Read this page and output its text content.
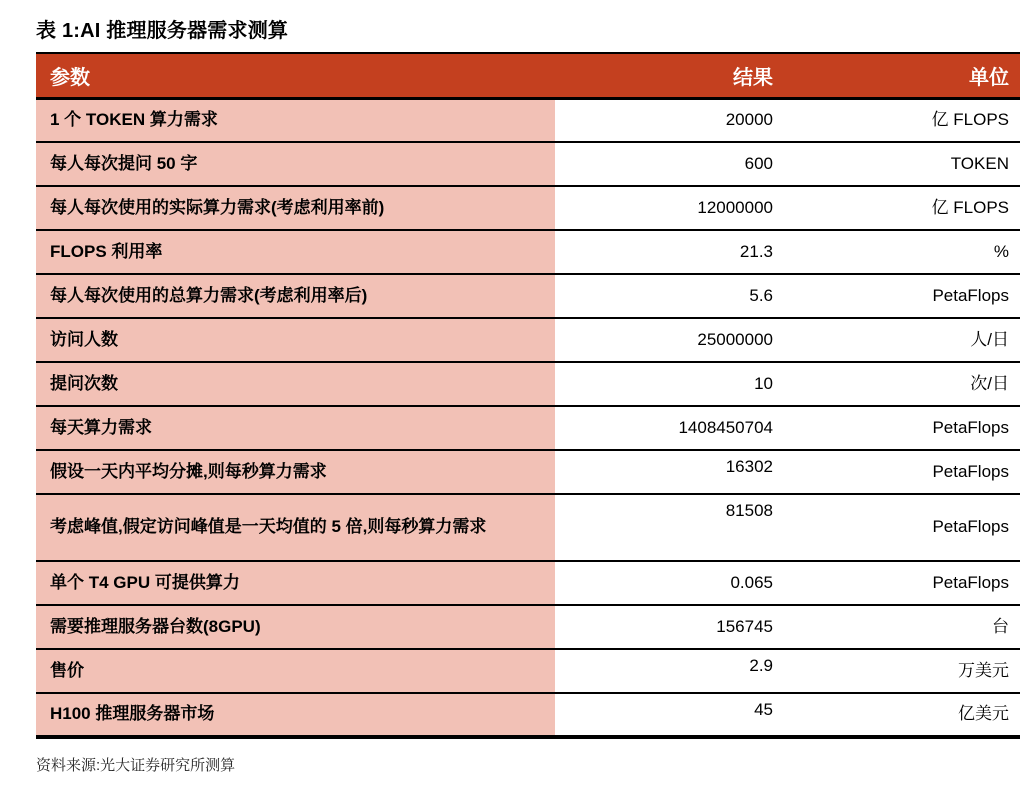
表 1:AI 推理服务器需求测算
参数	结果	单位
1 个 TOKEN 算力需求	20000	亿 FLOPS
每人每次提问 50 字	600	TOKEN
每人每次使用的实际算力需求(考虑利用率前)	12000000	亿 FLOPS
FLOPS 利用率	21.3	%
每人每次使用的总算力需求(考虑利用率后)	5.6	PetaFlops
访问人数	25000000	人/日
提问次数	10	次/日
每天算力需求	1408450704	PetaFlops
假设一天内平均分摊,则每秒算力需求	16302	PetaFlops
考虑峰值,假定访问峰值是一天均值的 5 倍,则每秒算力需求	81508	PetaFlops
单个 T4 GPU 可提供算力	0.065	PetaFlops
需要推理服务器台数(8GPU)	156745	台
售价	2.9	万美元
H100 推理服务器市场	45	亿美元
资料来源:光大证券研究所测算
